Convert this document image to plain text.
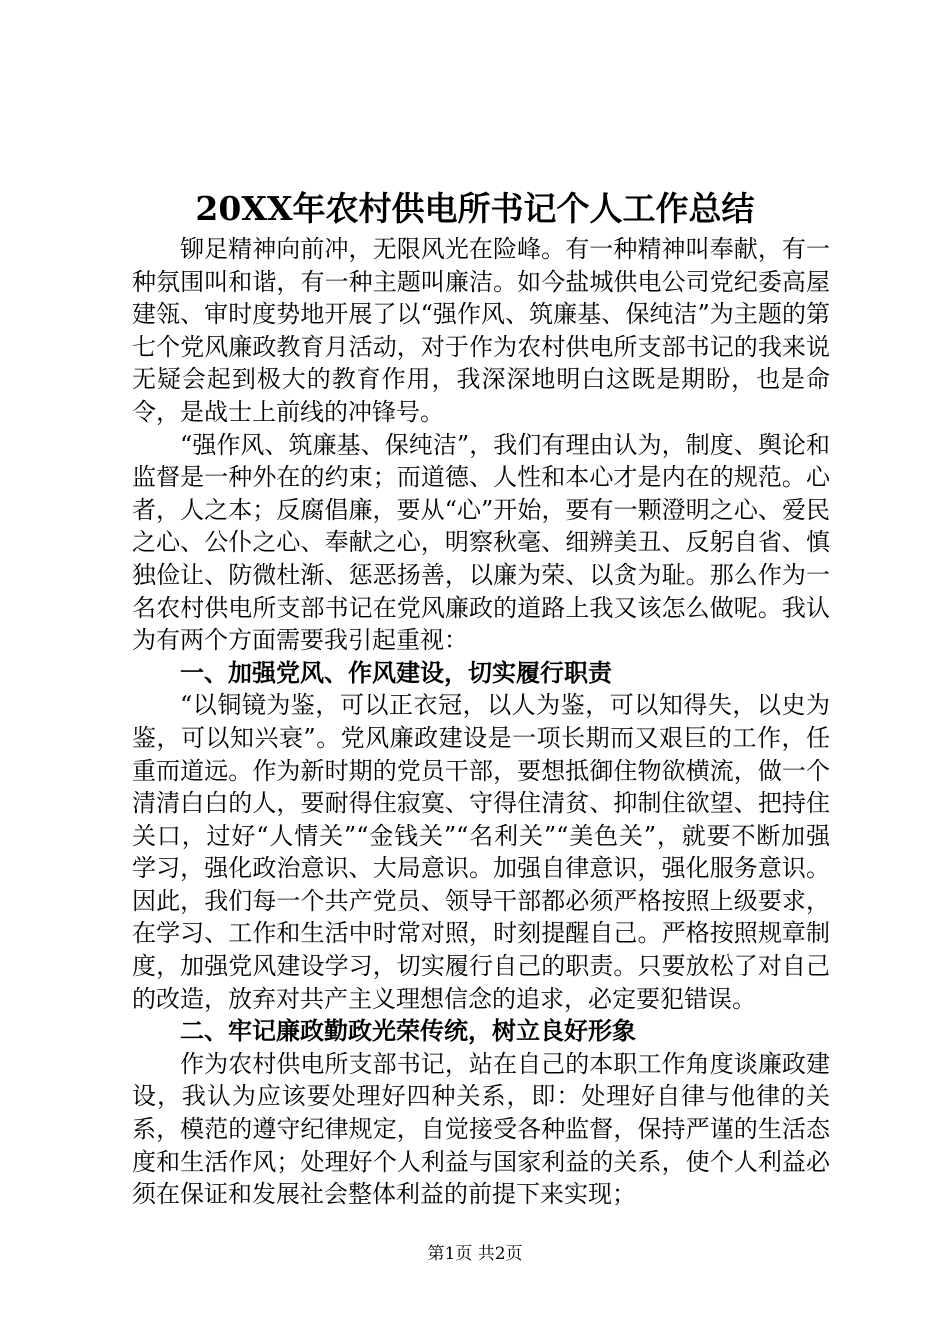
20XX年农村供电所书记个人工作总结

铆足精神向前冲，无限风光在险峰。有一种精神叫奉献，有一种氛围叫和谐，有一种主题叫廉洁。如今盐城供电公司党纪委高屋建瓴、审时度势地开展了以“强作风、筑廉基、保纯洁”为主题的第七个党风廉政教育月活动，对于作为农村供电所支部书记的我来说无疑会起到极大的教育作用，我深深地明白这既是期盼，也是命令，是战士上前线的冲锋号。

“强作风、筑廉基、保纯洁”，我们有理由认为，制度、舆论和监督是一种外在的约束；而道德、人性和本心才是内在的规范。心者，人之本；反腐倡廉，要从“心”开始，要有一颗澄明之心、爱民之心、公仆之心、奉献之心，明察秋毫、细辨美丑、反躬自省、慎独俭让、防微杜渐、惩恶扬善，以廉为荣、以贪为耻。那么作为一名农村供电所支部书记在党风廉政的道路上我又该怎么做呢。我认为有两个方面需要我引起重视：

一、加强党风、作风建设，切实履行职责

“以铜镜为鉴，可以正衣冠，以人为鉴，可以知得失，以史为鉴，可以知兴衰”。党风廉政建设是一项长期而又艰巨的工作，任重而道远。作为新时期的党员干部，要想抵御住物欲横流，做一个清清白白的人，要耐得住寂寞、守得住清贫、抑制住欲望、把持住关口，过好“人情关”“金钱关”“名利关”“美色关”，就要不断加强学习，强化政治意识、大局意识。加强自律意识，强化服务意识。因此，我们每一个共产党员、领导干部都必须严格按照上级要求，在学习、工作和生活中时常对照，时刻提醒自己。严格按照规章制度，加强党风建设学习，切实履行自己的职责。只要放松了对自己的改造，放弃对共产主义理想信念的追求，必定要犯错误。

二、牢记廉政勤政光荣传统，树立良好形象

作为农村供电所支部书记，站在自己的本职工作角度谈廉政建设，我认为应该要处理好四种关系，即：处理好自律与他律的关系，模范的遵守纪律规定，自觉接受各种监督，保持严谨的生活态度和生活作风；处理好个人利益与国家利益的关系，使个人利益必须在保证和发展社会整体利益的前提下来实现；

第1页 共2页
